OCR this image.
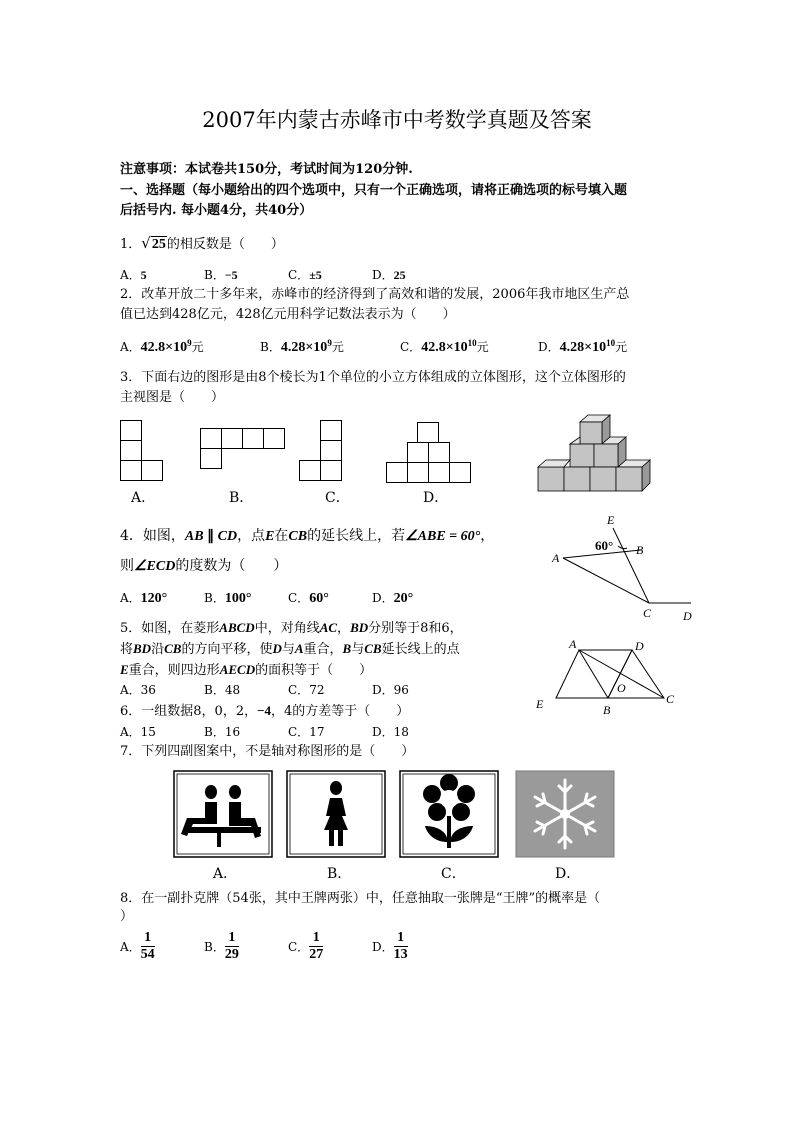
2007年内蒙古赤峰市中考数学真题及答案
注意事项：本试卷共150分，考试时间为120分钟.
一、选择题（每小题给出的四个选项中，只有一个正确选项，请将正确选项的标号填入题
后括号内. 每小题4分，共40分）
1．√25的相反数是（　　）
A．5	B．−5	C．±5	D．25
2．改革开放二十多年来，赤峰市的经济得到了高效和谐的发展，2006年我市地区生产总
值已达到428亿元，428亿元用科学记数法表示为（　　）
A．$42.8\times 10^9$元	B．$4.28\times 10^9$元	C．$42.8\times 10^{10}$元	D．$4.28\times 10^{10}$元
3．下面右边的图形是由8个棱长为1个单位的小立方体组成的立体图形，这个立体图形的
主视图是（　　）
A．	B．	C．	D．
4．如图，AB ∥ CD，点E在CB的延长线上，若∠ABE = 60°，
则∠ECD的度数为（　　）
A．120°	B．100°	C．60°	D．20°
E
B
A
C	D
60°
5．如图，在菱形ABCD中，对角线AC，BD分别等于8和6，
将BD沿CB的方向平移，使D与A重合，B与CB延长线上的点
E重合，则四边形AECD的面积等于（　　）
A．36	B．48	C．72	D．96
A	D
O
C
E	B
6．一组数据8，0，2，−4，4的方差等于（　　）
A．15	B．16	C．17	D．18
7．下列四副图案中，不是轴对称图形的是（　　）
A．	B．	C．	D．
8．在一副扑克牌（54张，其中王牌两张）中，任意抽取一张牌是“王牌”的概率是（
）
A． $\frac{1}{54}$	B． $\frac{1}{29}$	C． $\frac{1}{27}$	D． $\frac{1}{13}$
